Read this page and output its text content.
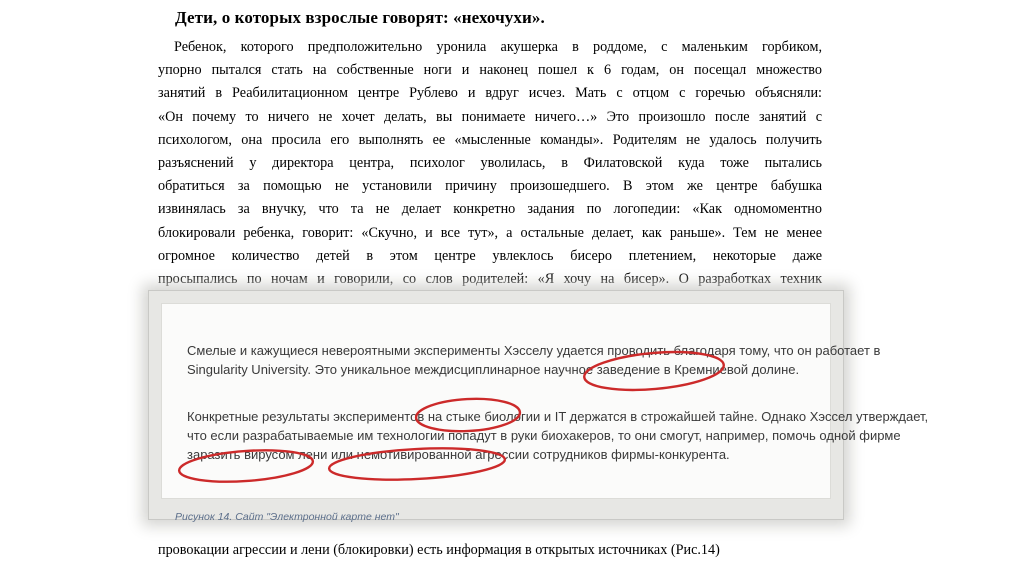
Дети, о которых взрослые говорят: «нехочухи».
Ребенок, которого предположительно уронила акушерка в роддоме, с маленьким горбиком,
упорно пытался стать на собственные ноги и наконец пошел к 6 годам, он посещал множество
занятий в Реабилитационном центре Рублево и вдруг исчез. Мать с отцом с горечью объясняли:
«Он почему то ничего не хочет делать, вы понимаете ничего…» Это произошло после занятий с
психологом, она просила его выполнять ее «мысленные команды». Родителям не удалось получить
разъяснений у директора центра, психолог уволилась, в Филатовской куда тоже пытались
обратиться за помощью не установили причину произошедшего. В этом же центре бабушка
извинялась за внучку, что та не делает конкретно задания по логопедии: «Как одномоментно
блокировали ребенка, говорит: «Скучно, и все тут», а остальные делает, как раньше». Тем не менее
огромное количество детей в этом центре увлеклось бисеро плетением, некоторые даже
просыпались по ночам и говорили, со слов родителей: «Я хочу на бисер». О разработках техник
Смелые и кажущиеся невероятными эксперименты Хэсселу удается проводить благодаря тому, что он работает в
Singularity University. Это уникальное междисциплинарное научное заведение в Кремниевой долине.
Конкретные результаты экспериментов на стыке биологии и IT держатся в строжайшей тайне. Однако Хэссел утверждает,
что если разрабатываемые им технологии попадут в руки биохакеров, то они смогут, например, помочь одной фирме
заразить вирусом лени или немотивированной агрессии сотрудников фирмы-конкурента.
Рисунок 14. Сайт "Электронной карте нет"
провокации агрессии и лени (блокировки) есть информация в открытых источниках (Рис.14)
